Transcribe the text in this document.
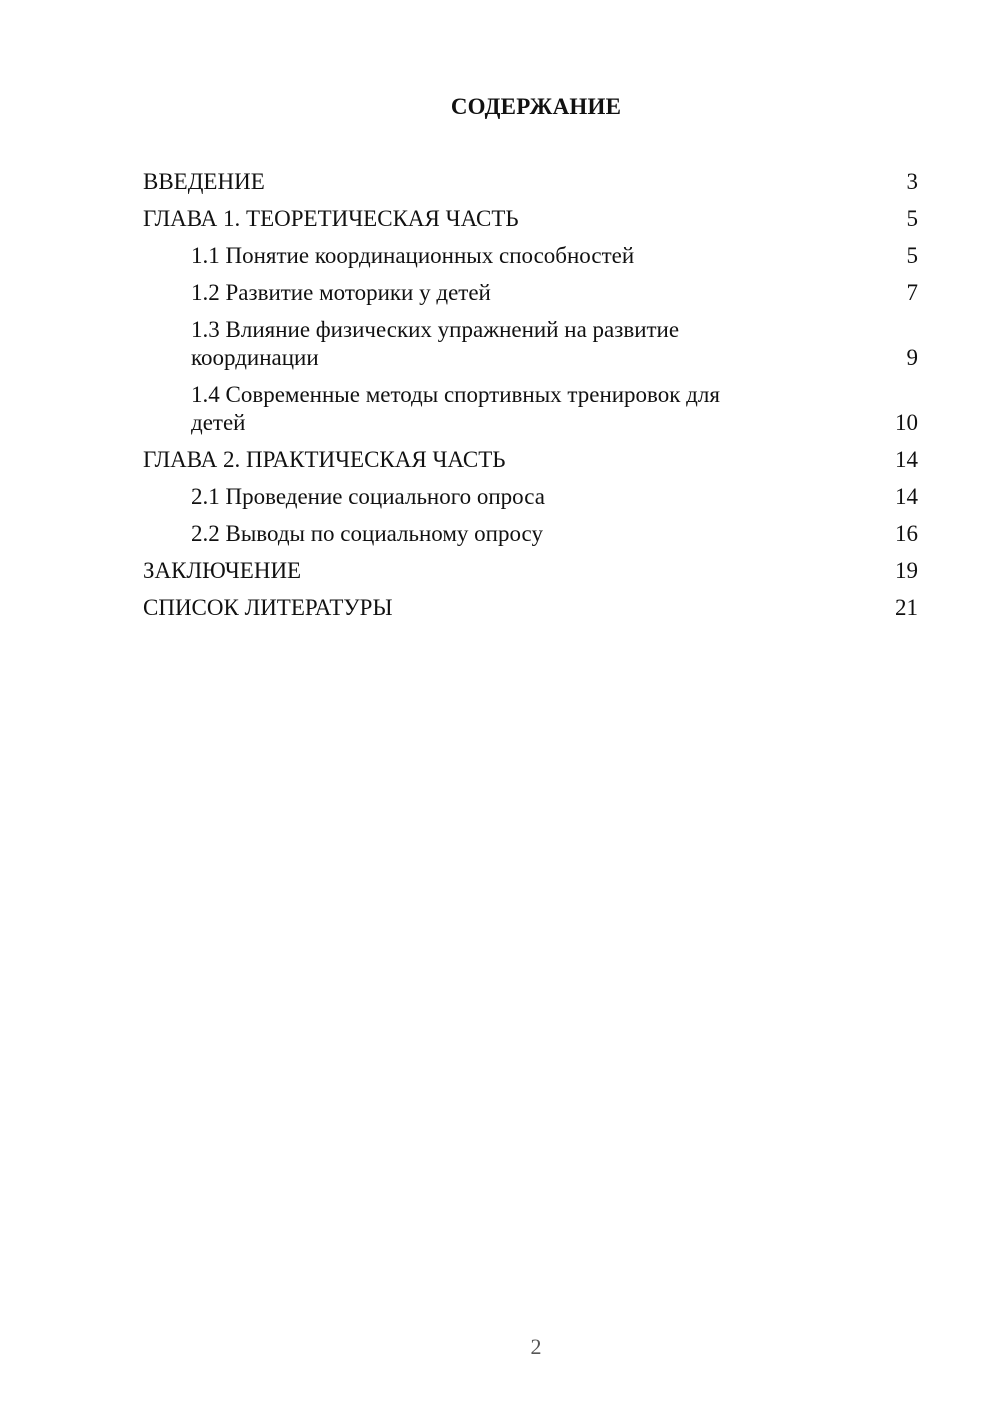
СОДЕРЖАНИЕ
ВВЕДЕНИЕ	3
ГЛАВА 1. ТЕОРЕТИЧЕСКАЯ ЧАСТЬ	5
1.1 Понятие координационных способностей	5
1.2 Развитие моторики у детей	7
1.3 Влияние физических упражнений на развитие координации	9
1.4 Современные методы спортивных тренировок для детей	10
ГЛАВА 2. ПРАКТИЧЕСКАЯ ЧАСТЬ	14
2.1 Проведение социального опроса	14
2.2 Выводы по социальному опросу	16
ЗАКЛЮЧЕНИЕ	19
СПИСОК ЛИТЕРАТУРЫ	21
2
